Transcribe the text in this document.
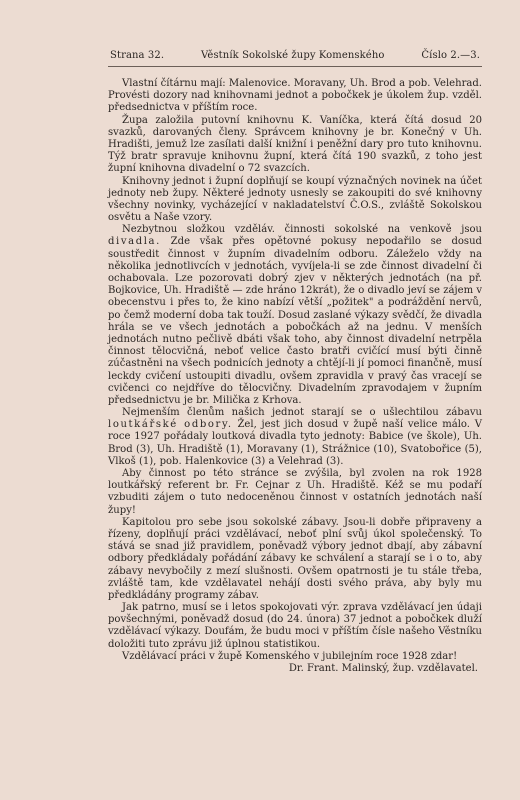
Strana 32.	Věstník Sokolské župy Komenského	Číslo 2.—3.

Vlastní čítárnu mají: Malenovice. Moravany, Uh. Brod a pob. Velehrad. Provésti dozory nad knihovnami jednot a pobočkek je úkolem žup. vzděl. předsednictva v příštím roce.

Župa založila putovní knihovnu K. Vaníčka, která čítá dosud 20 svazků, darovaných členy. Správcem knihovny je br. Konečný v Uh. Hradišti, jemuž lze zasílati další knižní i peněžní dary pro tuto knihovnu. Týž bratr spravuje knihovnu župní, která čítá 190 svazků, z toho jest župní knihovna divadelní o 72 svazcích.

Knihovny jednot i župní doplňují se koupí význačných novinek na účet jednoty neb župy. Některé jednoty usnesly se zakoupiti do své knihovny všechny novinky, vycházející v nakladatelství Č.O.S., zvláště Sokolskou osvětu a Naše vzory.

Nezbytnou složkou vzděláv. činnosti sokolské na venkově jsou divadla. Zde však přes opětovné pokusy nepodařilo se dosud soustředit činnost v župním divadelním odboru. Záleželo vždy na několika jednotlivcích v jednotách, vyvíjela-li se zde činnost divadelní či ochabovala. Lze pozorovati dobrý zjev v některých jednotách (na př. Bojkovice, Uh. Hradiště — zde hráno 12krát), že o divadlo jeví se zájem v obecenstvu i přes to, že kino nabízí větší „požitek" a podráždění nervů, po čemž moderní doba tak touží. Dosud zaslané výkazy svědčí, že divadla hrála se ve všech jednotách a pobočkách až na jednu. V menších jednotách nutno pečlivě dbáti však toho, aby činnost divadelní netrpěla činnost tělocvičná, neboť velice často bratři cvičící musí býti činně zúčastněni na všech podnicích jednoty a chtějí-li jí pomoci finančně, musí leckdy cvičení ustoupiti divadlu, ovšem zpravidla v pravý čas vracejí se cvičenci co nejdříve do tělocvičny. Divadelním zpravodajem v župním předsednictvu je br. Milička z Krhova.

Nejmenším členům našich jednot starají se o ušlechtilou zábavu loutkářské odbory. Žel, jest jich dosud v župě naší velice málo. V roce 1927 pořádaly loutková divadla tyto jednoty: Babice (ve škole), Uh. Brod (3), Uh. Hradiště (1), Moravany (1), Strážnice (10), Svatobořice (5), Vlkoš (1), pob. Halenkovice (3) a Velehrad (3).

Aby činnost po této stránce se zvýšila, byl zvolen na rok 1928 loutkářský referent br. Fr. Cejnar z Uh. Hradiště. Kéž se mu podaří vzbuditi zájem o tuto nedoceněnou činnost v ostatních jednotách naší župy!

Kapitolou pro sebe jsou sokolské zábavy. Jsou-li dobře připraveny a řízeny, doplňují práci vzdělávací, neboť plní svůj úkol společenský. To stává se snad již pravidlem, poněvadž výbory jednot dbají, aby zábavní odbory předkládaly pořádání zábavy ke schválení a starají se i o to, aby zábavy nevybočily z mezí slušnosti. Ovšem opatrnosti je tu stále třeba, zvláště tam, kde vzdělavatel nehájí dosti svého práva, aby byly mu předkládány programy zábav.

Jak patrno, musí se i letos spokojovati výr. zprava vzdělávací jen údaji povšechnými, poněvadž dosud (do 24. února) 37 jednot a pobočkek dluží vzdělávací výkazy. Doufám, že budu moci v příštím čísle našeho Věstníku doložiti tuto zprávu již úplnou statistikou.

Vzdělávací práci v župě Komenského v jubilejním roce 1928 zdar!

Dr. Frant. Malinský, žup. vzdělavatel.
